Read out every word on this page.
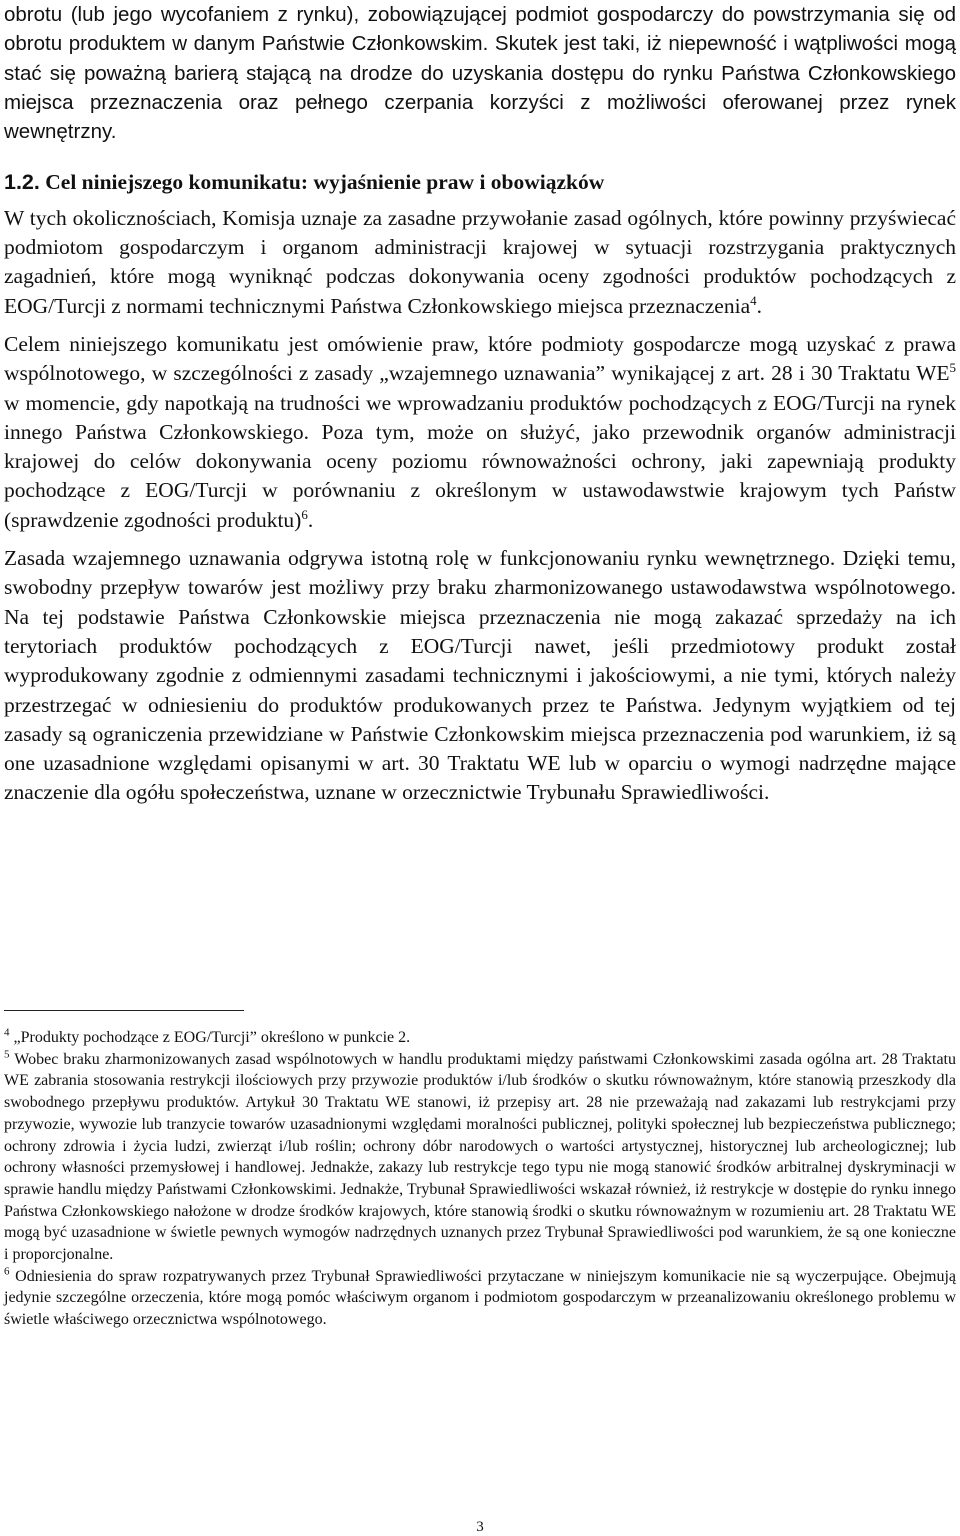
obrotu (lub jego wycofaniem z rynku), zobowiązującej podmiot gospodarczy do powstrzymania się od obrotu produktem w danym Państwie Członkowskim. Skutek jest taki, iż niepewność i wątpliwości mogą stać się poważną barierą stającą na drodze do uzyskania dostępu do rynku Państwa Członkowskiego miejsca przeznaczenia oraz pełnego czerpania korzyści z możliwości oferowanej przez rynek wewnętrzny.

1.2. Cel niniejszego komunikatu: wyjaśnienie praw i obowiązków

W tych okolicznościach, Komisja uznaje za zasadne przywołanie zasad ogólnych, które powinny przyświecać podmiotom gospodarczym i organom administracji krajowej w sytuacji rozstrzygania praktycznych zagadnień, które mogą wyniknąć podczas dokonywania oceny zgodności produktów pochodzących z EOG/Turcji z normami technicznymi Państwa Członkowskiego miejsca przeznaczenia$^4$.

Celem niniejszego komunikatu jest omówienie praw, które podmioty gospodarcze mogą uzyskać z prawa wspólnotowego, w szczególności z zasady „wzajemnego uznawania” wynikającej z art. 28 i 30 Traktatu $WE^5$ w momencie, gdy napotkają na trudności we wprowadzaniu produktów pochodzących z EOG/Turcji na rynek innego Państwa Członkowskiego. Poza tym, może on służyć, jako przewodnik organów administracji krajowej do celów dokonywania oceny poziomu równoważności ochrony, jaki zapewniają produkty pochodzące z EOG/Turcji w porównaniu z określonym w ustawodawstwie krajowym tych Państw (sprawdzenie zgodności produktu)$^6$.

Zasada wzajemnego uznawania odgrywa istotną rolę w funkcjonowaniu rynku wewnętrznego. Dzięki temu, swobodny przepływ towarów jest możliwy przy braku zharmonizowanego ustawodawstwa wspólnotowego. Na tej podstawie Państwa Członkowskie miejsca przeznaczenia nie mogą zakazać sprzedaży na ich terytoriach produktów pochodzących z EOG/Turcji nawet, jeśli przedmiotowy produkt został wyprodukowany zgodnie z odmiennymi zasadami technicznymi i jakościowymi, a nie tymi, których należy przestrzegać w odniesieniu do produktów produkowanych przez te Państwa. Jedynym wyjątkiem od tej zasady są ograniczenia przewidziane w Państwie Członkowskim miejsca przeznaczenia pod warunkiem, iż są one uzasadnione względami opisanymi w art. 30 Traktatu WE lub w oparciu o wymogi nadrzędne mające znaczenie dla ogółu społeczeństwa, uznane w orzecznictwie Trybunału Sprawiedliwości.

$^4$ „Produkty pochodzące z EOG/Turcji” określono w punkcie 2.

$^5$ Wobec braku zharmonizowanych zasad wspólnotowych w handlu produktami między państwami Członkowskimi zasada ogólna art. 28 Traktatu WE zabrania stosowania restrykcji ilościowych przy przywozie produktów i/lub środków o skutku równoważnym, które stanowią przeszkody dla swobodnego przepływu produktów. Artykuł 30 Traktatu WE stanowi, iż przepisy art. 28 nie przeważają nad zakazami lub restrykcjami przy przywozie, wywozie lub tranzycie towarów uzasadnionymi względami moralności publicznej, polityki społecznej lub bezpieczeństwa publicznego; ochrony zdrowia i życia ludzi, zwierząt i/lub roślin; ochrony dóbr narodowych o wartości artystycznej, historycznej lub archeologicznej; lub ochrony własności przemysłowej i handlowej. Jednakże, zakazy lub restrykcje tego typu nie mogą stanowić środków arbitralnej dyskryminacji w sprawie handlu między Państwami Członkowskimi. Jednakże, Trybunał Sprawiedliwości wskazał również, iż restrykcje w dostępie do rynku innego Państwa Członkowskiego nałożone w drodze środków krajowych, które stanowią środki o skutku równoważnym w rozumieniu art. 28 Traktatu WE mogą być uzasadnione w świetle pewnych wymogów nadrzędnych uznanych przez Trybunał Sprawiedliwości pod warunkiem, że są one konieczne i proporcjonalne.

$^6$ Odniesienia do spraw rozpatrywanych przez Trybunał Sprawiedliwości przytaczane w niniejszym komunikacie nie są wyczerpujące. Obejmują jedynie szczególne orzeczenia, które mogą pomóc właściwym organom i podmiotom gospodarczym w przeanalizowaniu określonego problemu w świetle właściwego orzecznictwa wspólnotowego.

3
